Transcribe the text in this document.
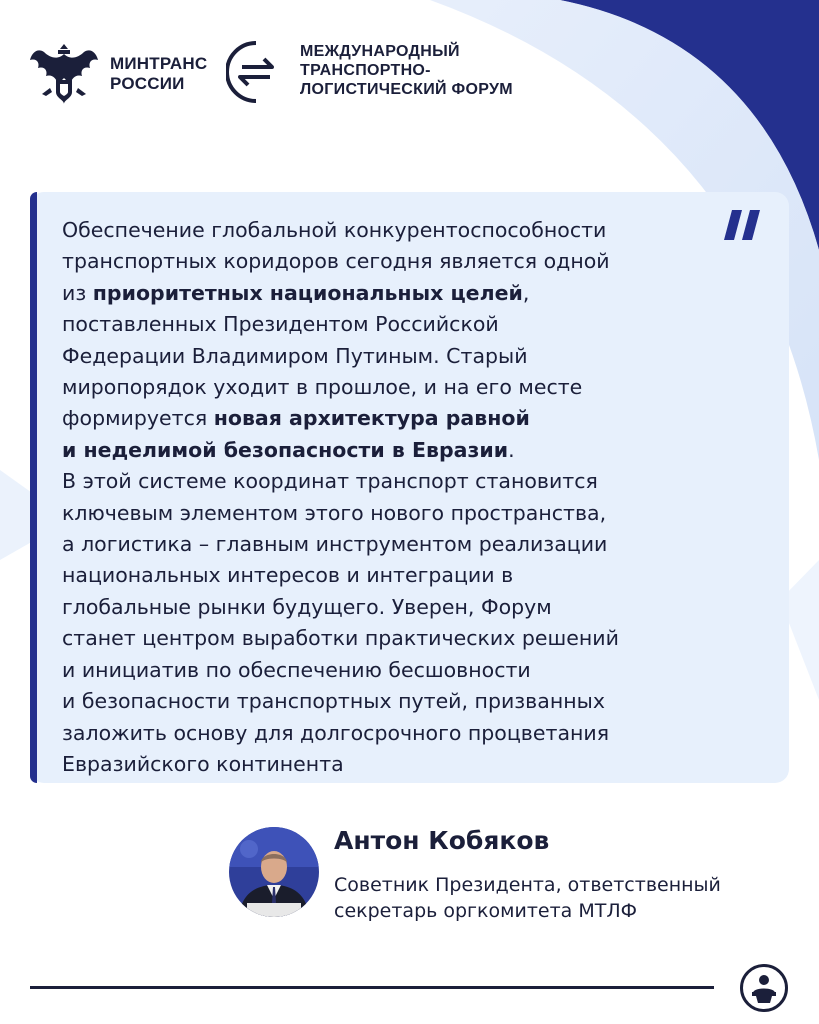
МИНТРАНС
РОССИИ
МЕЖДУНАРОДНЫЙ
ТРАНСПОРТНО-
ЛОГИСТИЧЕСКИЙ ФОРУМ

Обеспечение глобальной конкурентоспособности
транспортных коридоров сегодня является одной
из приоритетных национальных целей,
поставленных Президентом Российской
Федерации Владимиром Путиным. Старый
миропорядок уходит в прошлое, и на его месте
формируется новая архитектура равной
и неделимой безопасности в Евразии.
В этой системе координат транспорт становится
ключевым элементом этого нового пространства,
а логистика – главным инструментом реализации
национальных интересов и интеграции в
глобальные рынки будущего. Уверен, Форум
станет центром выработки практических решений
и инициатив по обеспечению бесшовности
и безопасности транспортных путей, призванных
заложить основу для долгосрочного процветания
Евразийского континента

Антон Кобяков
Советник Президента, ответственный
секретарь оргкомитета МТЛФ
